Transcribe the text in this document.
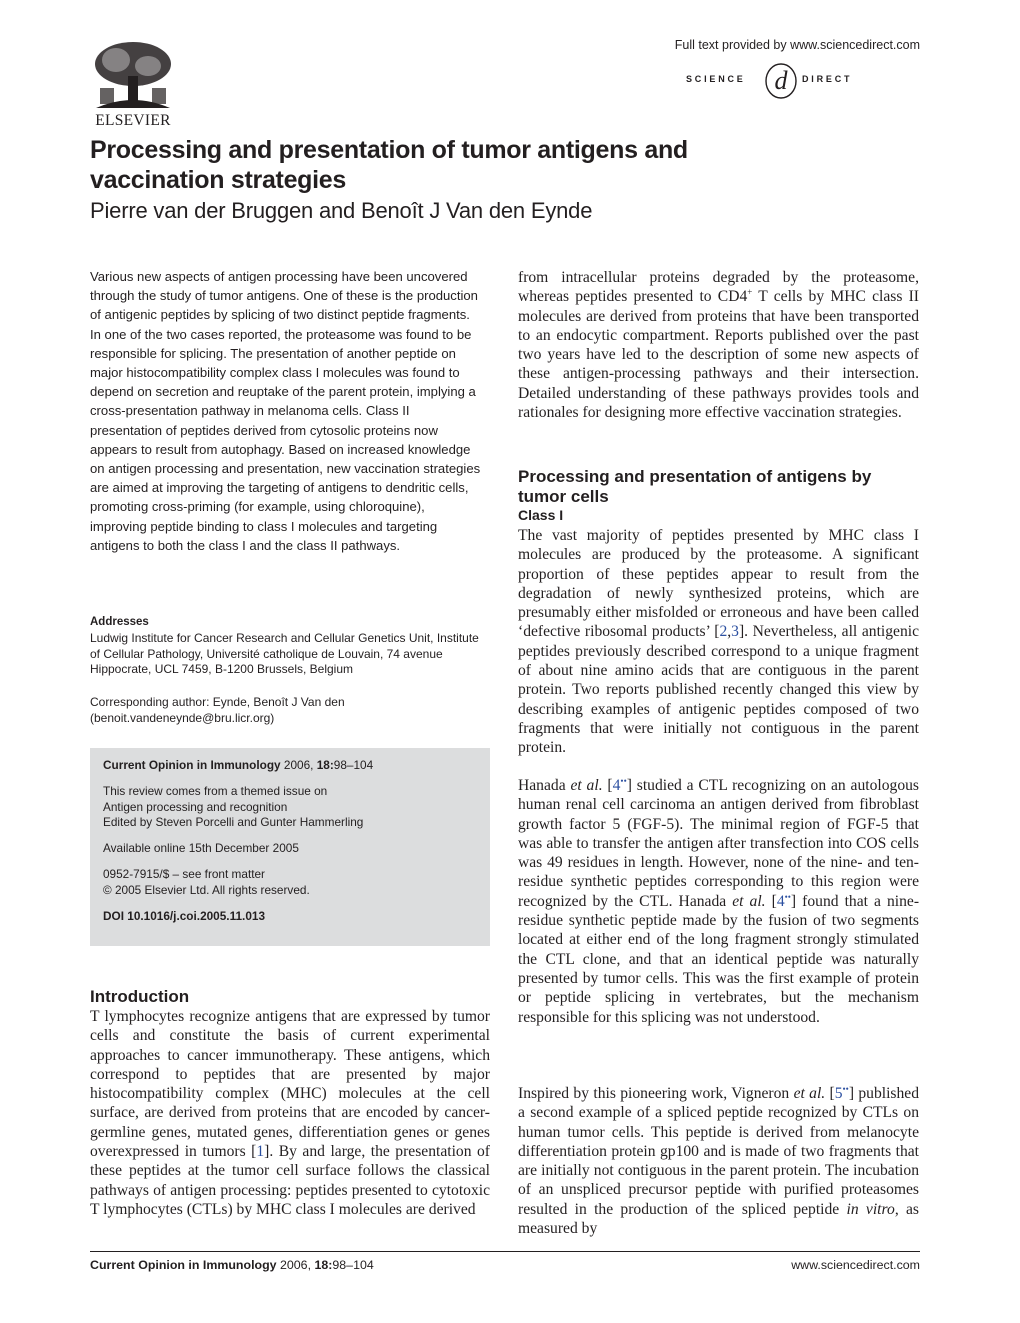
ELSEVIER
Full text provided by www.sciencedirect.com
SCIENCE d DIRECT
Processing and presentation of tumor antigens and vaccination strategies
Pierre van der Bruggen and Benoît J Van den Eynde
Various new aspects of antigen processing have been uncovered through the study of tumor antigens. One of these is the production of antigenic peptides by splicing of two distinct peptide fragments. In one of the two cases reported, the proteasome was found to be responsible for splicing. The presentation of another peptide on major histocompatibility complex class I molecules was found to depend on secretion and reuptake of the parent protein, implying a cross-presentation pathway in melanoma cells. Class II presentation of peptides derived from cytosolic proteins now appears to result from autophagy. Based on increased knowledge on antigen processing and presentation, new vaccination strategies are aimed at improving the targeting of antigens to dendritic cells, promoting cross-priming (for example, using chloroquine), improving peptide binding to class I molecules and targeting antigens to both the class I and the class II pathways.
Addresses
Ludwig Institute for Cancer Research and Cellular Genetics Unit, Institute of Cellular Pathology, Université catholique de Louvain, 74 avenue Hippocrate, UCL 7459, B-1200 Brussels, Belgium
Corresponding author: Eynde, Benoît J Van den (benoit.vandeneynde@bru.licr.org)

Current Opinion in Immunology 2006, 18:98–104

This review comes from a themed issue on

Antigen processing and recognition

Edited by Steven Porcelli and Gunter Hammerling

Available online 15th December 2005

0952-7915/$ – see front matter

© 2005 Elsevier Ltd. All rights reserved.

DOI 10.1016/j.coi.2005.11.013

Introduction

T lymphocytes recognize antigens that are expressed by tumor cells and constitute the basis of current experimental approaches to cancer immunotherapy. These antigens, which correspond to peptides that are presented by major histocompatibility complex (MHC) molecules at the cell surface, are derived from proteins that are encoded by cancer-germline genes, mutated genes, differentiation genes or genes overexpressed in tumors [1]. By and large, the presentation of these peptides at the tumor cell surface follows the classical pathways of antigen processing: peptides presented to cytotoxic T lymphocytes (CTLs) by MHC class I molecules are derived

from intracellular proteins degraded by the proteasome, whereas peptides presented to CD4+ T cells by MHC class II molecules are derived from proteins that have been transported to an endocytic compartment. Reports published over the past two years have led to the description of some new aspects of these antigen-processing pathways and their intersection. Detailed understanding of these pathways provides tools and rationales for designing more effective vaccination strategies.

Processing and presentation of antigens by tumor cells
Class I

The vast majority of peptides presented by MHC class I molecules are produced by the proteasome. A significant proportion of these peptides appear to result from the degradation of newly synthesized proteins, which are presumably either misfolded or erroneous and have been called ‘defective ribosomal products’ [2,3]. Nevertheless, all antigenic peptides previously described correspond to a unique fragment of about nine amino acids that are contiguous in the parent protein. Two reports published recently changed this view by describing examples of antigenic peptides composed of two fragments that were initially not contiguous in the parent protein.

Hanada et al. [4••] studied a CTL recognizing on an autologous human renal cell carcinoma an antigen derived from fibroblast growth factor 5 (FGF-5). The minimal region of FGF-5 that was able to transfer the antigen after transfection into COS cells was 49 residues in length. However, none of the nine- and ten-residue synthetic peptides corresponding to this region were recognized by the CTL. Hanada et al. [4••] found that a nine-residue synthetic peptide made by the fusion of two segments located at either end of the long fragment strongly stimulated the CTL clone, and that an identical peptide was naturally presented by tumor cells. This was the first example of protein or peptide splicing in vertebrates, but the mechanism responsible for this splicing was not understood.

Inspired by this pioneering work, Vigneron et al. [5••] published a second example of a spliced peptide recognized by CTLs on human tumor cells. This peptide is derived from melanocyte differentiation protein gp100 and is made of two fragments that are initially not contiguous in the parent protein. The incubation of an unspliced precursor peptide with purified proteasomes resulted in the production of the spliced peptide in vitro, as measured by

Current Opinion in Immunology 2006, 18:98–104	www.sciencedirect.com
